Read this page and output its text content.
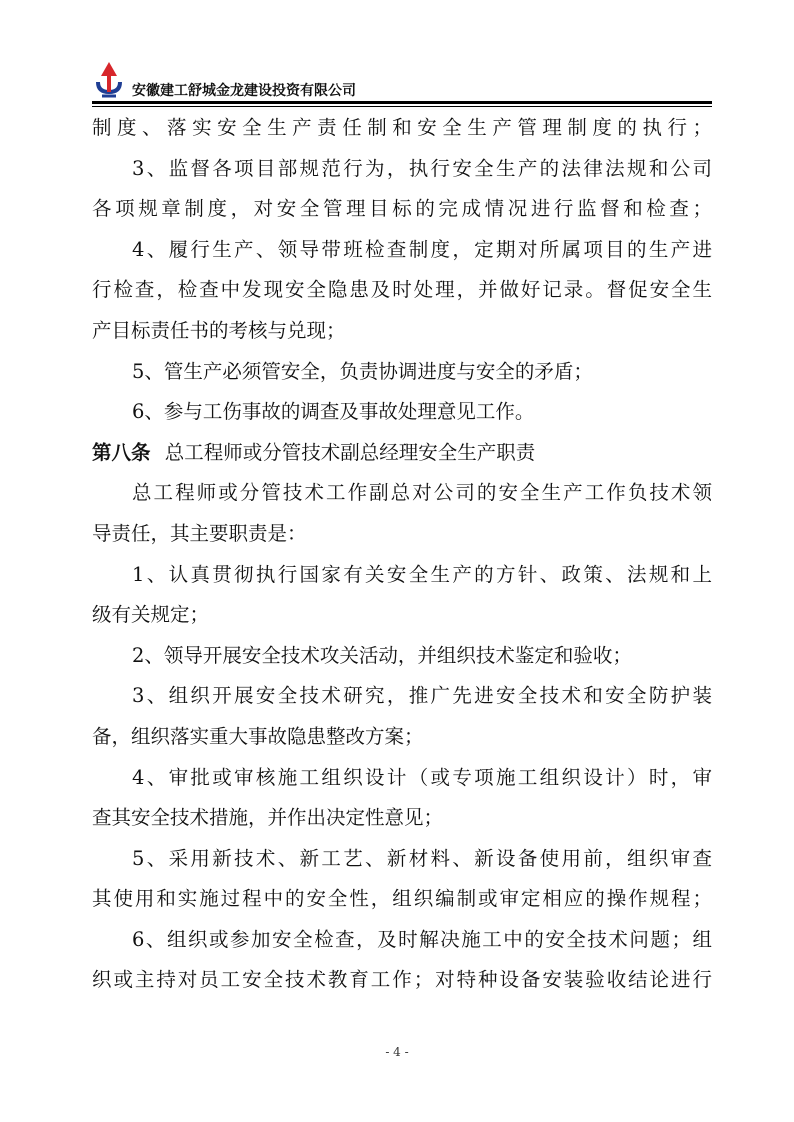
安徽建工舒城金龙建设投资有限公司
制度、落实安全生产责任制和安全生产管理制度的执行；
3、监督各项目部规范行为，执行安全生产的法律法规和公司
各项规章制度，对安全管理目标的完成情况进行监督和检查；
4、履行生产、领导带班检查制度，定期对所属项目的生产进
行检查，检查中发现安全隐患及时处理，并做好记录。督促安全生
产目标责任书的考核与兑现；
5、管生产必须管安全，负责协调进度与安全的矛盾；
6、参与工伤事故的调查及事故处理意见工作。
第八条 总工程师或分管技术副总经理安全生产职责
总工程师或分管技术工作副总对公司的安全生产工作负技术领
导责任，其主要职责是：
1、认真贯彻执行国家有关安全生产的方针、政策、法规和上
级有关规定；
2、领导开展安全技术攻关活动，并组织技术鉴定和验收；
3、组织开展安全技术研究，推广先进安全技术和安全防护装
备，组织落实重大事故隐患整改方案；
4、审批或审核施工组织设计（或专项施工组织设计）时，审
查其安全技术措施，并作出决定性意见；
5、采用新技术、新工艺、新材料、新设备使用前，组织审查
其使用和实施过程中的安全性，组织编制或审定相应的操作规程；
6、组织或参加安全检查，及时解决施工中的安全技术问题；组
织或主持对员工安全技术教育工作；对特种设备安装验收结论进行
- 4 -
